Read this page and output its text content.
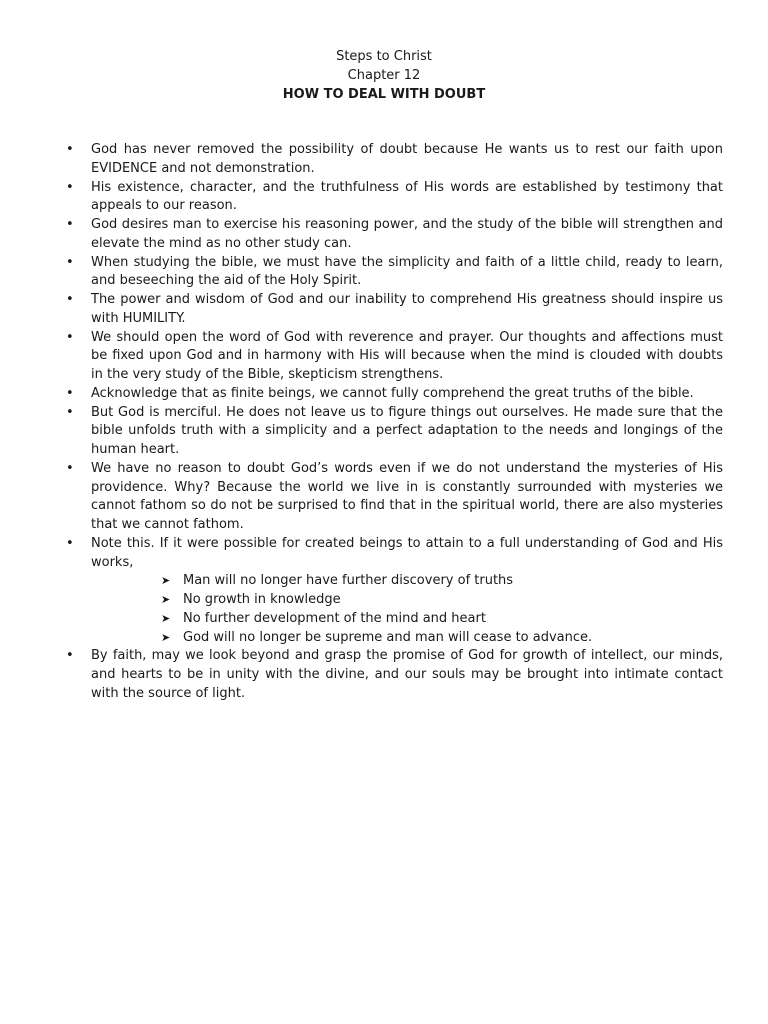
Steps to Christ
Chapter 12
HOW TO DEAL WITH DOUBT
•	God has never removed the possibility of doubt because He wants us to rest our faith upon EVIDENCE and not demonstration.
•	His existence, character, and the truthfulness of His words are established by testimony that appeals to our reason.
•	God desires man to exercise his reasoning power, and the study of the bible will strengthen and elevate the mind as no other study can.
•	When studying the bible, we must have the simplicity and faith of a little child, ready to learn, and beseeching the aid of the Holy Spirit.
•	The power and wisdom of God and our inability to comprehend His greatness should inspire us with HUMILITY.
•	We should open the word of God with reverence and prayer. Our thoughts and affections must be fixed upon God and in harmony with His will because when the mind is clouded with doubts in the very study of the Bible, skepticism strengthens.
•	Acknowledge that as finite beings, we cannot fully comprehend the great truths of the bible.
•	But God is merciful. He does not leave us to figure things out ourselves. He made sure that the bible unfolds truth with a simplicity and a perfect adaptation to the needs and longings of the human heart.
•	We have no reason to doubt God’s words even if we do not understand the mysteries of His providence. Why? Because the world we live in is constantly surrounded with mysteries we cannot fathom so do not be surprised to find that in the spiritual world, there are also mysteries that we cannot fathom.
•	Note this. If it were possible for created beings to attain to a full understanding of God and His works,
➤ Man will no longer have further discovery of truths
➤ No growth in knowledge
➤ No further development of the mind and heart
➤ God will no longer be supreme and man will cease to advance.
•	By faith, may we look beyond and grasp the promise of God for growth of intellect, our minds, and hearts to be in unity with the divine, and our souls may be brought into intimate contact with the source of light.
